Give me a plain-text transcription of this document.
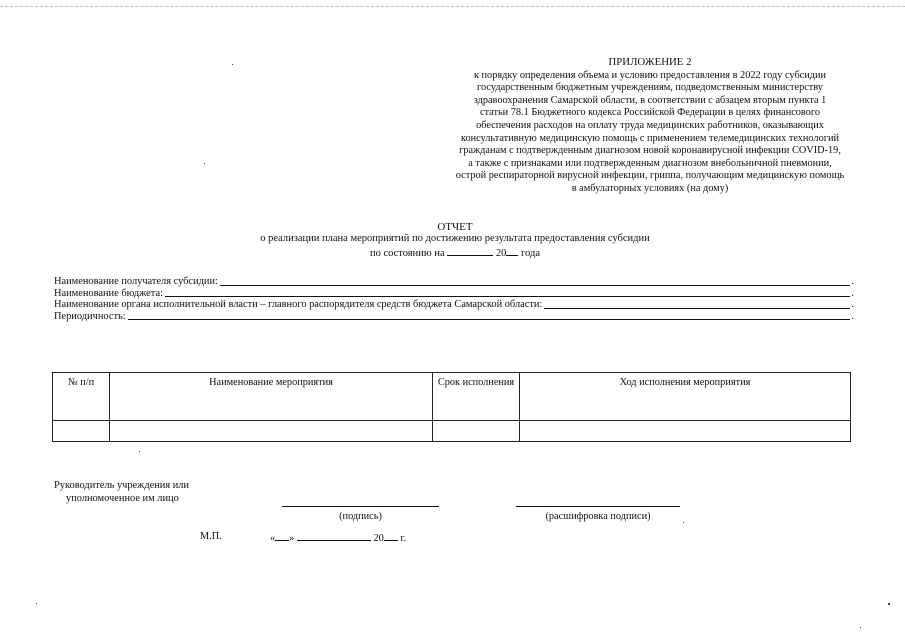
ПРИЛОЖЕНИЕ 2
к порядку определения объема и условию предоставления в 2022 году субсидии
государственным бюджетным учреждениям, подведомственным министерству
здравоохранения Самарской области, в соответствии с абзацем вторым пункта 1
статьи 78.1 Бюджетного кодекса Российской Федерации в целях финансового
обеспечения расходов на оплату труда медицинских работников, оказывающих
консультативную медицинскую помощь с применением телемедицинских технологий
гражданам с подтвержденным диагнозом новой коронавирусной инфекции COVID-19,
а также с признаками или подтвержденным диагнозом внебольничной пневмонии,
острой респираторной вирусной инфекции, гриппа, получающим медицинскую помощь
в амбулаторных условиях (на дому)
ОТЧЕТ
о реализации плана мероприятий по достижению результата предоставления субсидии
по состоянию на	20 года
Наименование получателя субсидии:	.
Наименование бюджета:	.
Наименование органа исполнительной власти – главного распорядителя средств бюджета Самарской области:	.
Периодичность:	.
№ п/п	Наименование мероприятия	Срок исполнения	Ход исполнения мероприятия

Руководитель учреждения или
уполномоченное им лицо
(подпись)	(расшифровка подписи)
М.П.	« »	20 г.
